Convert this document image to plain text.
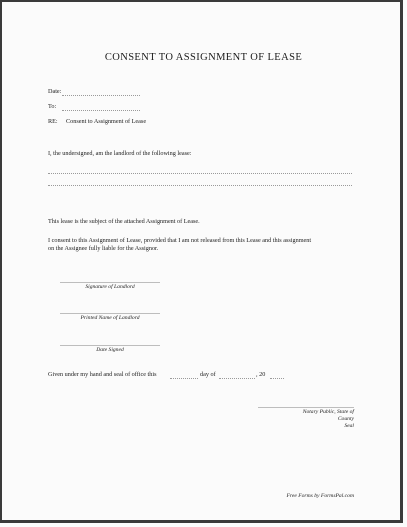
CONSENT TO ASSIGNMENT OF LEASE
Date:
To:
RE: Consent to Assignment of Lease
I, the undersigned, am the landlord of the following lease:
This lease is the subject of the attached Assignment of Lease.
I consent to this Assignment of Lease, provided that I am not released from this Lease and this assignment
on the Assignee fully liable for the Assignor.
Signature of Landlord
Printed Name of Landlord
Date Signed
Given under my hand and seal of office this	day of	, 20
Notary Public, State of
County
Seal
Free Forms by FormsPal.com
